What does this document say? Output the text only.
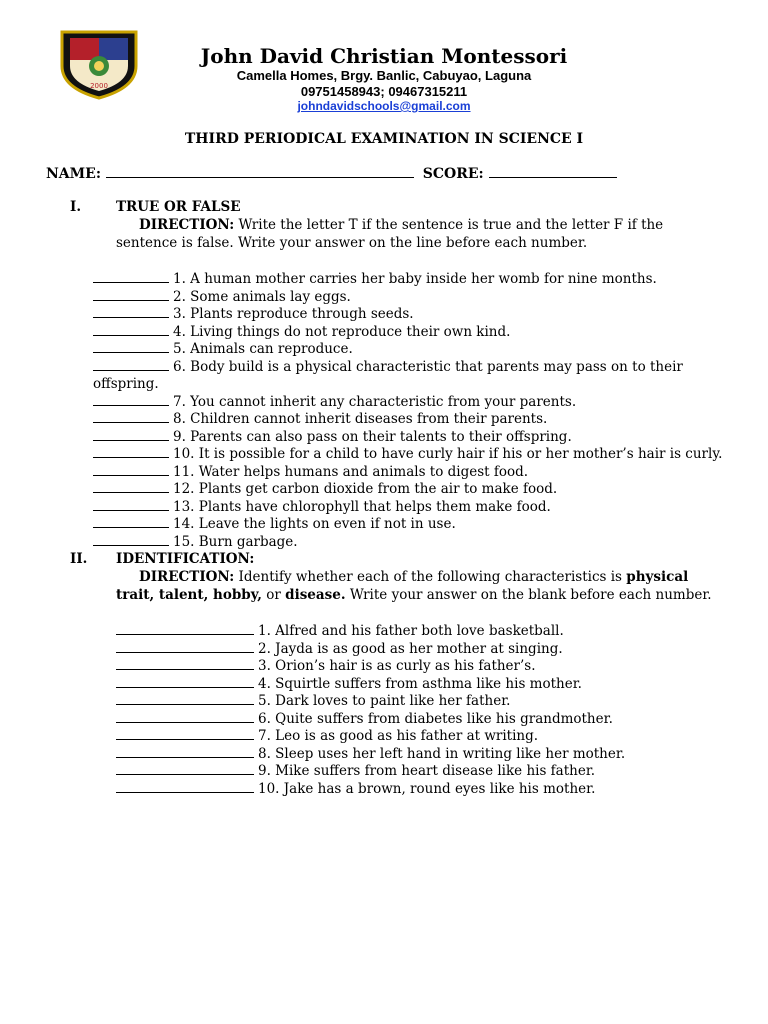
2000
John David Christian Montessori
Camella Homes, Brgy. Banlic, Cabuyao, Laguna
09751458943; 09467315211
johndavidschools@gmail.com
THIRD PERIODICAL EXAMINATION IN SCIENCE I
NAME:	SCORE:
I.	TRUE OR FALSE
DIRECTION: Write the letter T if the sentence is true and the letter F if the sentence is false. Write your answer on the line before each number.
1. A human mother carries her baby inside her womb for nine months.
2. Some animals lay eggs.
3. Plants reproduce through seeds.
4. Living things do not reproduce their own kind.
5. Animals can reproduce.
6. Body build is a physical characteristic that parents may pass on to their offspring.
7. You cannot inherit any characteristic from your parents.
8. Children cannot inherit diseases from their parents.
9. Parents can also pass on their talents to their offspring.
10. It is possible for a child to have curly hair if his or her mother’s hair is curly.
11. Water helps humans and animals to digest food.
12. Plants get carbon dioxide from the air to make food.
13. Plants have chlorophyll that helps them make food.
14. Leave the lights on even if not in use.
15. Burn garbage.
II. IDENTIFICATION:
DIRECTION: Identify whether each of the following characteristics is physical trait, talent, hobby, or disease. Write your answer on the blank before each number.
1. Alfred and his father both love basketball.
2. Jayda is as good as her mother at singing.
3. Orion’s hair is as curly as his father’s.
4. Squirtle suffers from asthma like his mother.
5. Dark loves to paint like her father.
6. Quite suffers from diabetes like his grandmother.
7. Leo is as good as his father at writing.
8. Sleep uses her left hand in writing like her mother.
9. Mike suffers from heart disease like his father.
10. Jake has a brown, round eyes like his mother.
